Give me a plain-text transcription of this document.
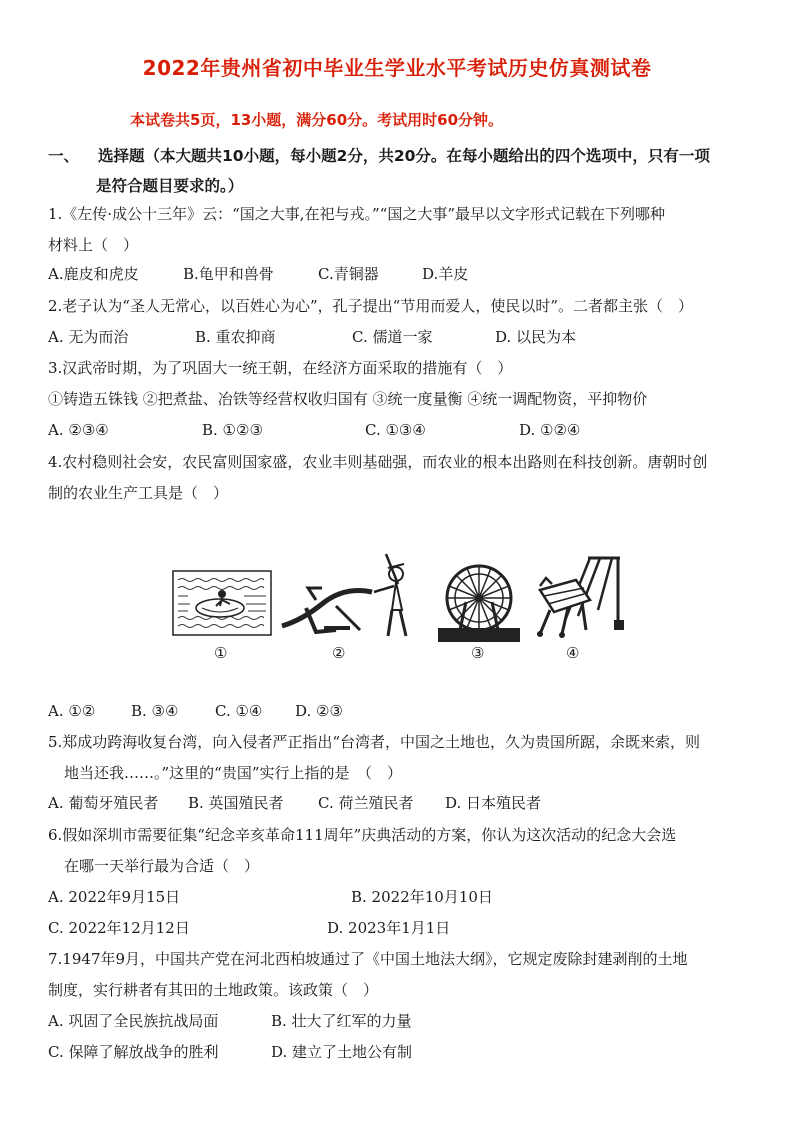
2022年贵州省初中毕业生学业水平考试历史仿真测试卷
本试卷共5页，13小题，满分60分。考试用时60分钟。
一、 选择题（本大题共10小题，每小题2分，共20分。在每小题给出的四个选项中，只有一项
是符合题目要求的。）
1.《左传·成公十三年》云：“国之大事,在祀与戎。”“国之大事”最早以文字形式记载在下列哪种
材料上（　）
A.鹿皮和虎皮	B.龟甲和兽骨	C.青铜器	D.羊皮
2.老子认为“圣人无常心，以百姓心为心”，孔子提出“节用而爱人，使民以时”。二者都主张（　）
A. 无为而治	B. 重农抑商	C. 儒道一家	D. 以民为本
3.汉武帝时期，为了巩固大一统王朝，在经济方面采取的措施有（　）
①铸造五铢钱 ②把煮盐、冶铁等经营权收归国有 ③统一度量衡 ④统一调配物资，平抑物价
A. ②③④	B. ①②③	C. ①③④	D. ①②④
4.农村稳则社会安，农民富则国家盛，农业丰则基础强，而农业的根本出路则在科技创新。唐朝时创
制的农业生产工具是（　）
①	②	③	④
A. ①② B. ③④ C. ①④ D. ②③
5.郑成功跨海收复台湾，向入侵者严正指出“台湾者，中国之土地也，久为贵国所踞，余既来索，则
地当还我……。”这里的“贵国”实行上指的是　（　）
A. 葡萄牙殖民者 B. 英国殖民者 C. 荷兰殖民者 D. 日本殖民者
6.假如深圳市需要征集“纪念辛亥革命111周年”庆典活动的方案，你认为这次活动的纪念大会选
在哪一天举行最为合适（　）
A. 2022年9月15日	B. 2022年10月10日
C. 2022年12月12日	D. 2023年1月1日
7.1947年9月，中国共产党在河北西柏坡通过了《中国土地法大纲》，它规定废除封建剥削的土地
制度，实行耕者有其田的土地政策。该政策（　）
A. 巩固了全民族抗战局面	B. 壮大了红军的力量
C. 保障了解放战争的胜利	D. 建立了土地公有制
